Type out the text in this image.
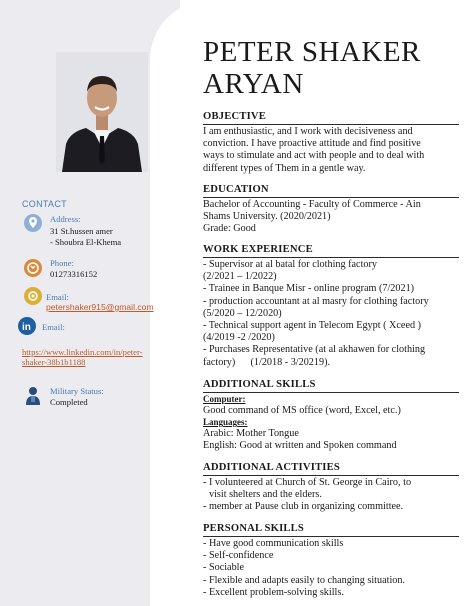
CONTACT
Address:
31 St.hussen amer
- Shoubra El-Khema
Phone:
01273316152
Email:
petershaker915@gmail.com
in Email:
https://www.linkedin.com/in/peter-
shaker-38b1b1188
Military Status:
Completed
PETER SHAKER
ARYAN
OBJECTIVE
I am enthusiastic, and I work with decisiveness and
conviction. I have proactive attitude and find positive
ways to stimulate and act with people and to deal with
different types of Them in a gentle way.
EDUCATION
Bachelor of Accounting - Faculty of Commerce - Ain
Shams University. (2020/2021)
Grade: Good
WORK EXPERIENCE
- Supervisor at al batal for clothing factory
(2/2021 – 1/2022)
- Trainee in Banque Misr - online program (7/2021)
- production accountant at al masry for clothing factory
(5/2020 – 12/2020)
- Technical support agent in Telecom Egypt ( Xceed )
(4/2019 -2 /2020)
- Purchases Representative (at al akhawen for clothing
factory)      (1/2018 - 3/20219).
ADDITIONAL SKILLS
Computer:
Good command of MS office (word, Excel, etc.)
Languages:
Arabic: Mother Tongue
English: Good at written and Spoken command
ADDITIONAL ACTIVITIES
- I volunteered at Church of St. George in Cairo, to
visit shelters and the elders.
- member at Pause club in organizing committee.
PERSONAL SKILLS
- Have good communication skills
- Self-confidence
- Sociable
- Flexible and adapts easily to changing situation.
- Excellent problem-solving skills.
